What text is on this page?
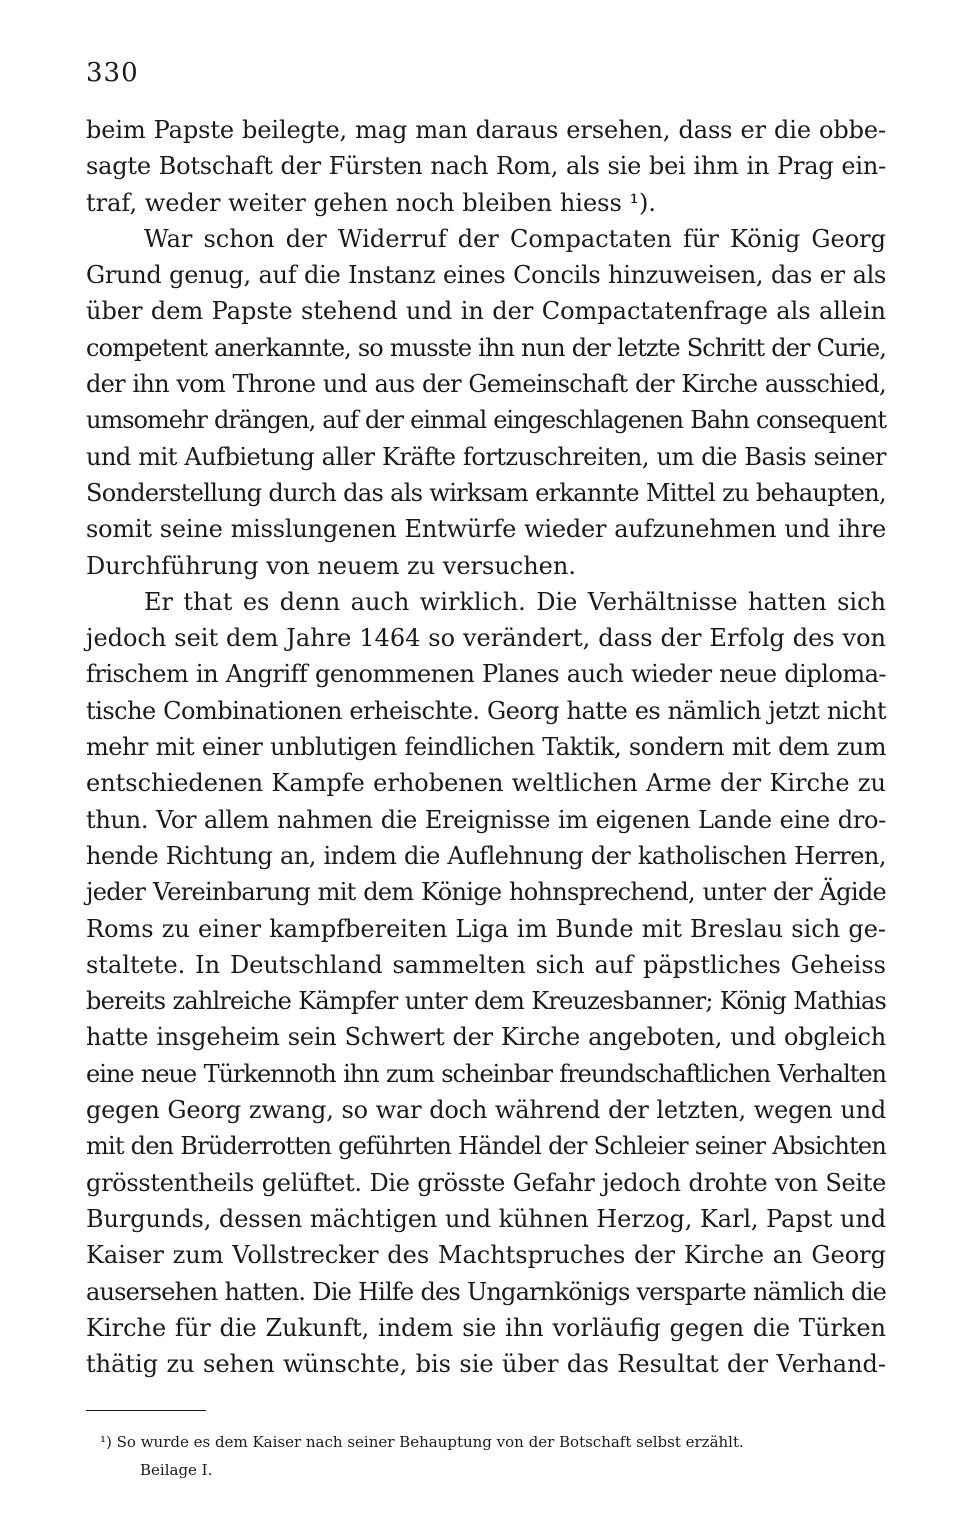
330
beim Papste beilegte, mag man daraus ersehen, dass er die obbe-
sagte Botschaft der Fürsten nach Rom, als sie bei ihm in Prag ein-
traf, weder weiter gehen noch bleiben hiess ¹).
War schon der Widerruf der Compactaten für König Georg
Grund genug, auf die Instanz eines Concils hinzuweisen, das er als
über dem Papste stehend und in der Compactatenfrage als allein
competent anerkannte, so musste ihn nun der letzte Schritt der Curie,
der ihn vom Throne und aus der Gemeinschaft der Kirche ausschied,
umsomehr drängen, auf der einmal eingeschlagenen Bahn consequent
und mit Aufbietung aller Kräfte fortzuschreiten, um die Basis seiner
Sonderstellung durch das als wirksam erkannte Mittel zu behaupten,
somit seine misslungenen Entwürfe wieder aufzunehmen und ihre
Durchführung von neuem zu versuchen.
Er that es denn auch wirklich. Die Verhältnisse hatten sich
jedoch seit dem Jahre 1464 so verändert, dass der Erfolg des von
frischem in Angriff genommenen Planes auch wieder neue diploma-
tische Combinationen erheischte. Georg hatte es nämlich jetzt nicht
mehr mit einer unblutigen feindlichen Taktik, sondern mit dem zum
entschiedenen Kampfe erhobenen weltlichen Arme der Kirche zu
thun. Vor allem nahmen die Ereignisse im eigenen Lande eine dro-
hende Richtung an, indem die Auflehnung der katholischen Herren,
jeder Vereinbarung mit dem Könige hohnsprechend, unter der Ägide
Roms zu einer kampfbereiten Liga im Bunde mit Breslau sich ge-
staltete. In Deutschland sammelten sich auf päpstliches Geheiss
bereits zahlreiche Kämpfer unter dem Kreuzesbanner; König Mathias
hatte insgeheim sein Schwert der Kirche angeboten, und obgleich
eine neue Türkennoth ihn zum scheinbar freundschaftlichen Verhalten
gegen Georg zwang, so war doch während der letzten, wegen und
mit den Brüderrotten geführten Händel der Schleier seiner Absichten
grösstentheils gelüftet. Die grösste Gefahr jedoch drohte von Seite
Burgunds, dessen mächtigen und kühnen Herzog, Karl, Papst und
Kaiser zum Vollstrecker des Machtspruches der Kirche an Georg
ausersehen hatten. Die Hilfe des Ungarnkönigs versparte nämlich die
Kirche für die Zukunft, indem sie ihn vorläufig gegen die Türken
thätig zu sehen wünschte, bis sie über das Resultat der Verhand-
¹) So wurde es dem Kaiser nach seiner Behauptung von der Botschaft selbst erzählt.
Beilage I.
